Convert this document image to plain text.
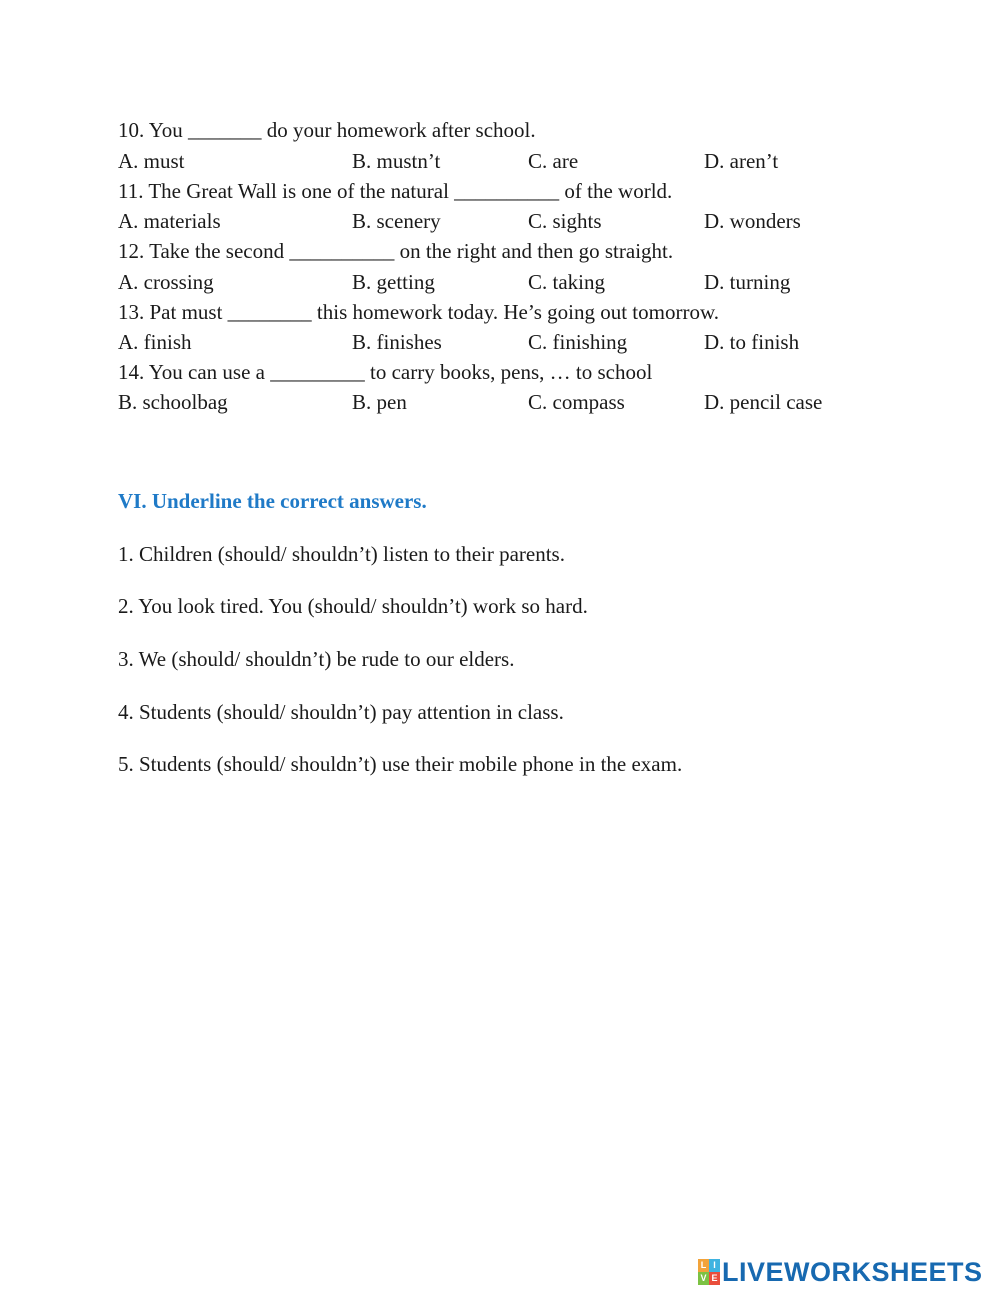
10. You _______ do your homework after school.
A. must	B. mustn’t	C. are	D. aren’t
11. The Great Wall is one of the natural __________ of the world.
A. materials	B. scenery	C. sights	D. wonders
12. Take the second __________ on the right and then go straight.
A. crossing	B. getting	C. taking	D. turning
13. Pat must ________ this homework today. He’s going out tomorrow.
A. finish	B. finishes	C. finishing	D. to finish
14. You can use a _________ to carry books, pens, … to school
B. schoolbag	B. pen	C. compass	D. pencil case
VI. Underline the correct answers.
1. Children (should/ shouldn’t) listen to their parents.
2. You look tired. You (should/ shouldn’t) work so hard.
3. We (should/ shouldn’t) be rude to our elders.
4. Students (should/ shouldn’t) pay attention in class.
5. Students (should/ shouldn’t) use their mobile phone in the exam.
L I
V E LIVEWORKSHEETS
